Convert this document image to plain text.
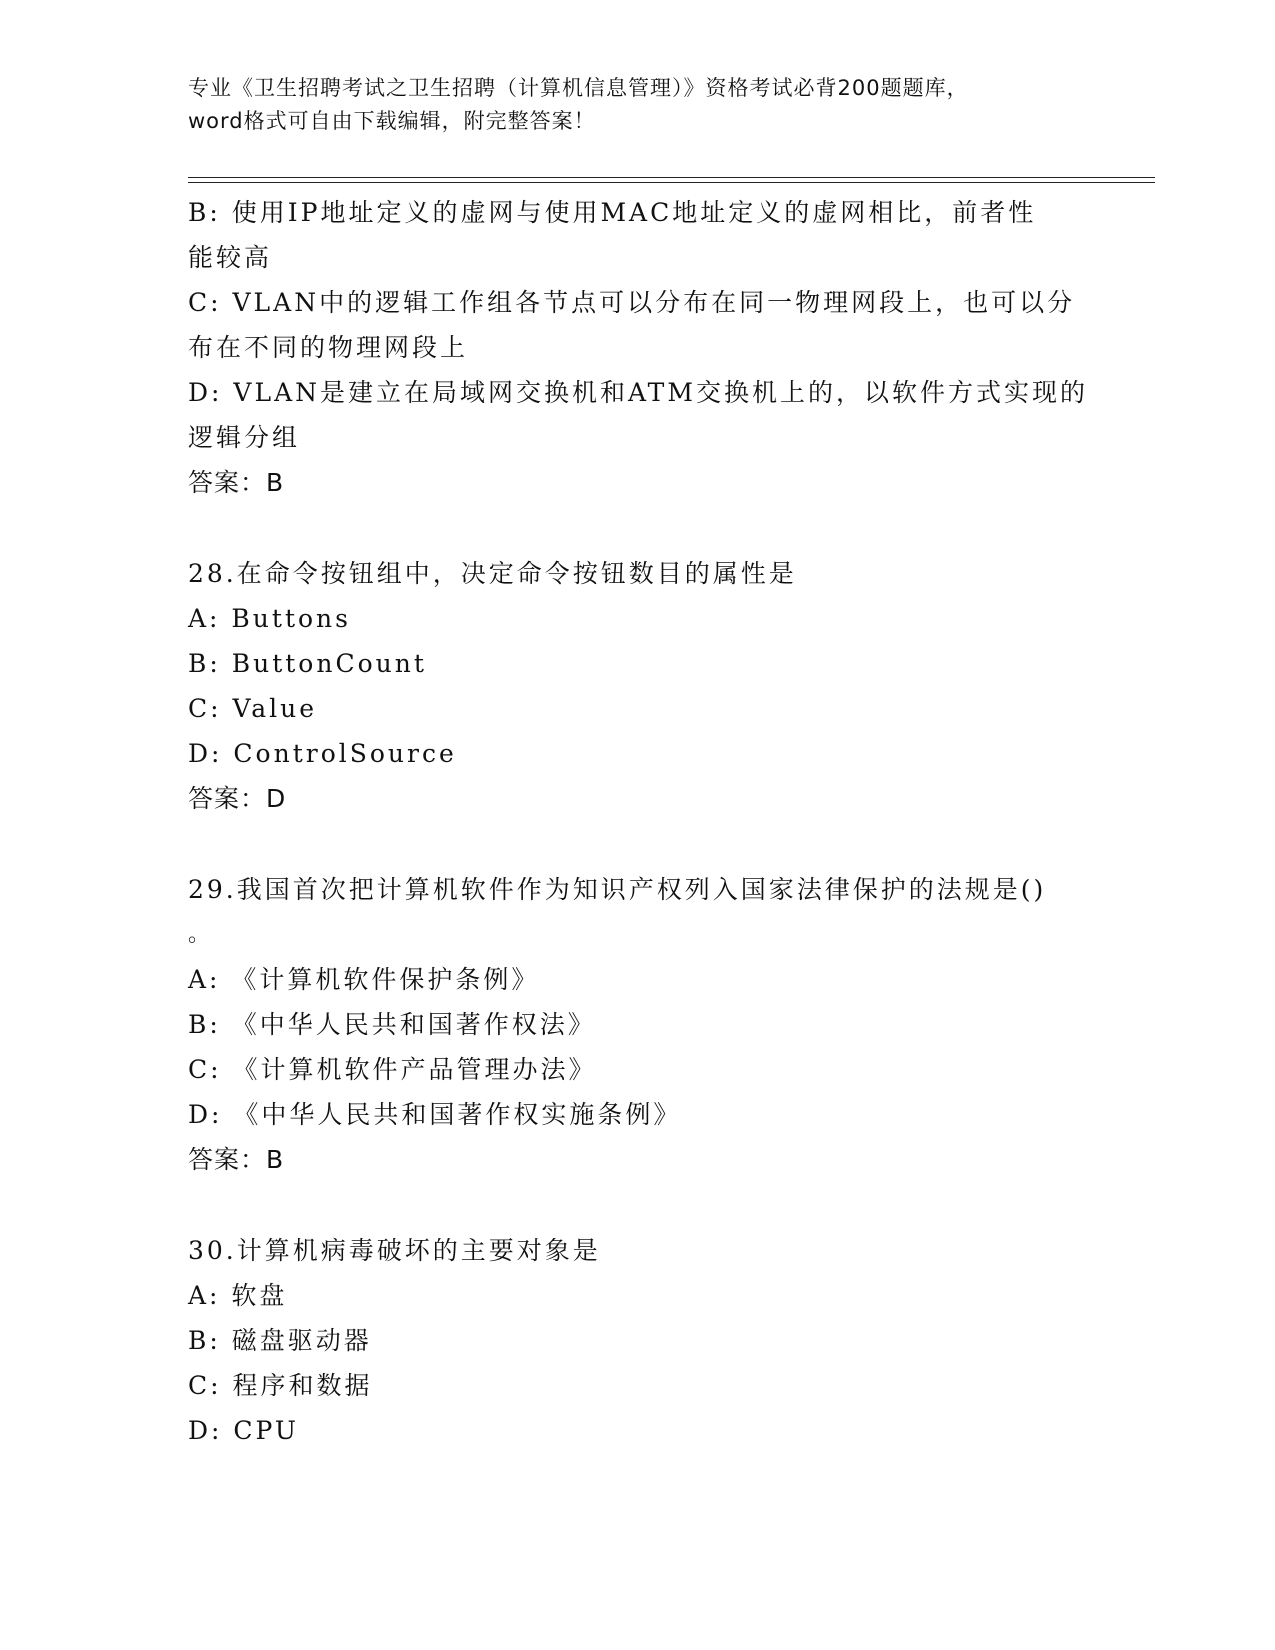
专业《卫生招聘考试之卫生招聘（计算机信息管理）》资格考试必背200题题库，
word格式可自由下载编辑，附完整答案！
B: 使用IP地址定义的虚网与使用MAC地址定义的虚网相比，前者性
能较高
C: VLAN中的逻辑工作组各节点可以分布在同一物理网段上，也可以分
布在不同的物理网段上
D: VLAN是建立在局域网交换机和ATM交换机上的，以软件方式实现的
逻辑分组
答案：B
28.在命令按钮组中，决定命令按钮数目的属性是
A: Buttons
B: ButtonCount
C: Value
D: ControlSource
答案：D
29.我国首次把计算机软件作为知识产权列入国家法律保护的法规是()
。
A: 《计算机软件保护条例》
B: 《中华人民共和国著作权法》
C: 《计算机软件产品管理办法》
D: 《中华人民共和国著作权实施条例》
答案：B
30.计算机病毒破坏的主要对象是
A: 软盘
B: 磁盘驱动器
C: 程序和数据
D: CPU
